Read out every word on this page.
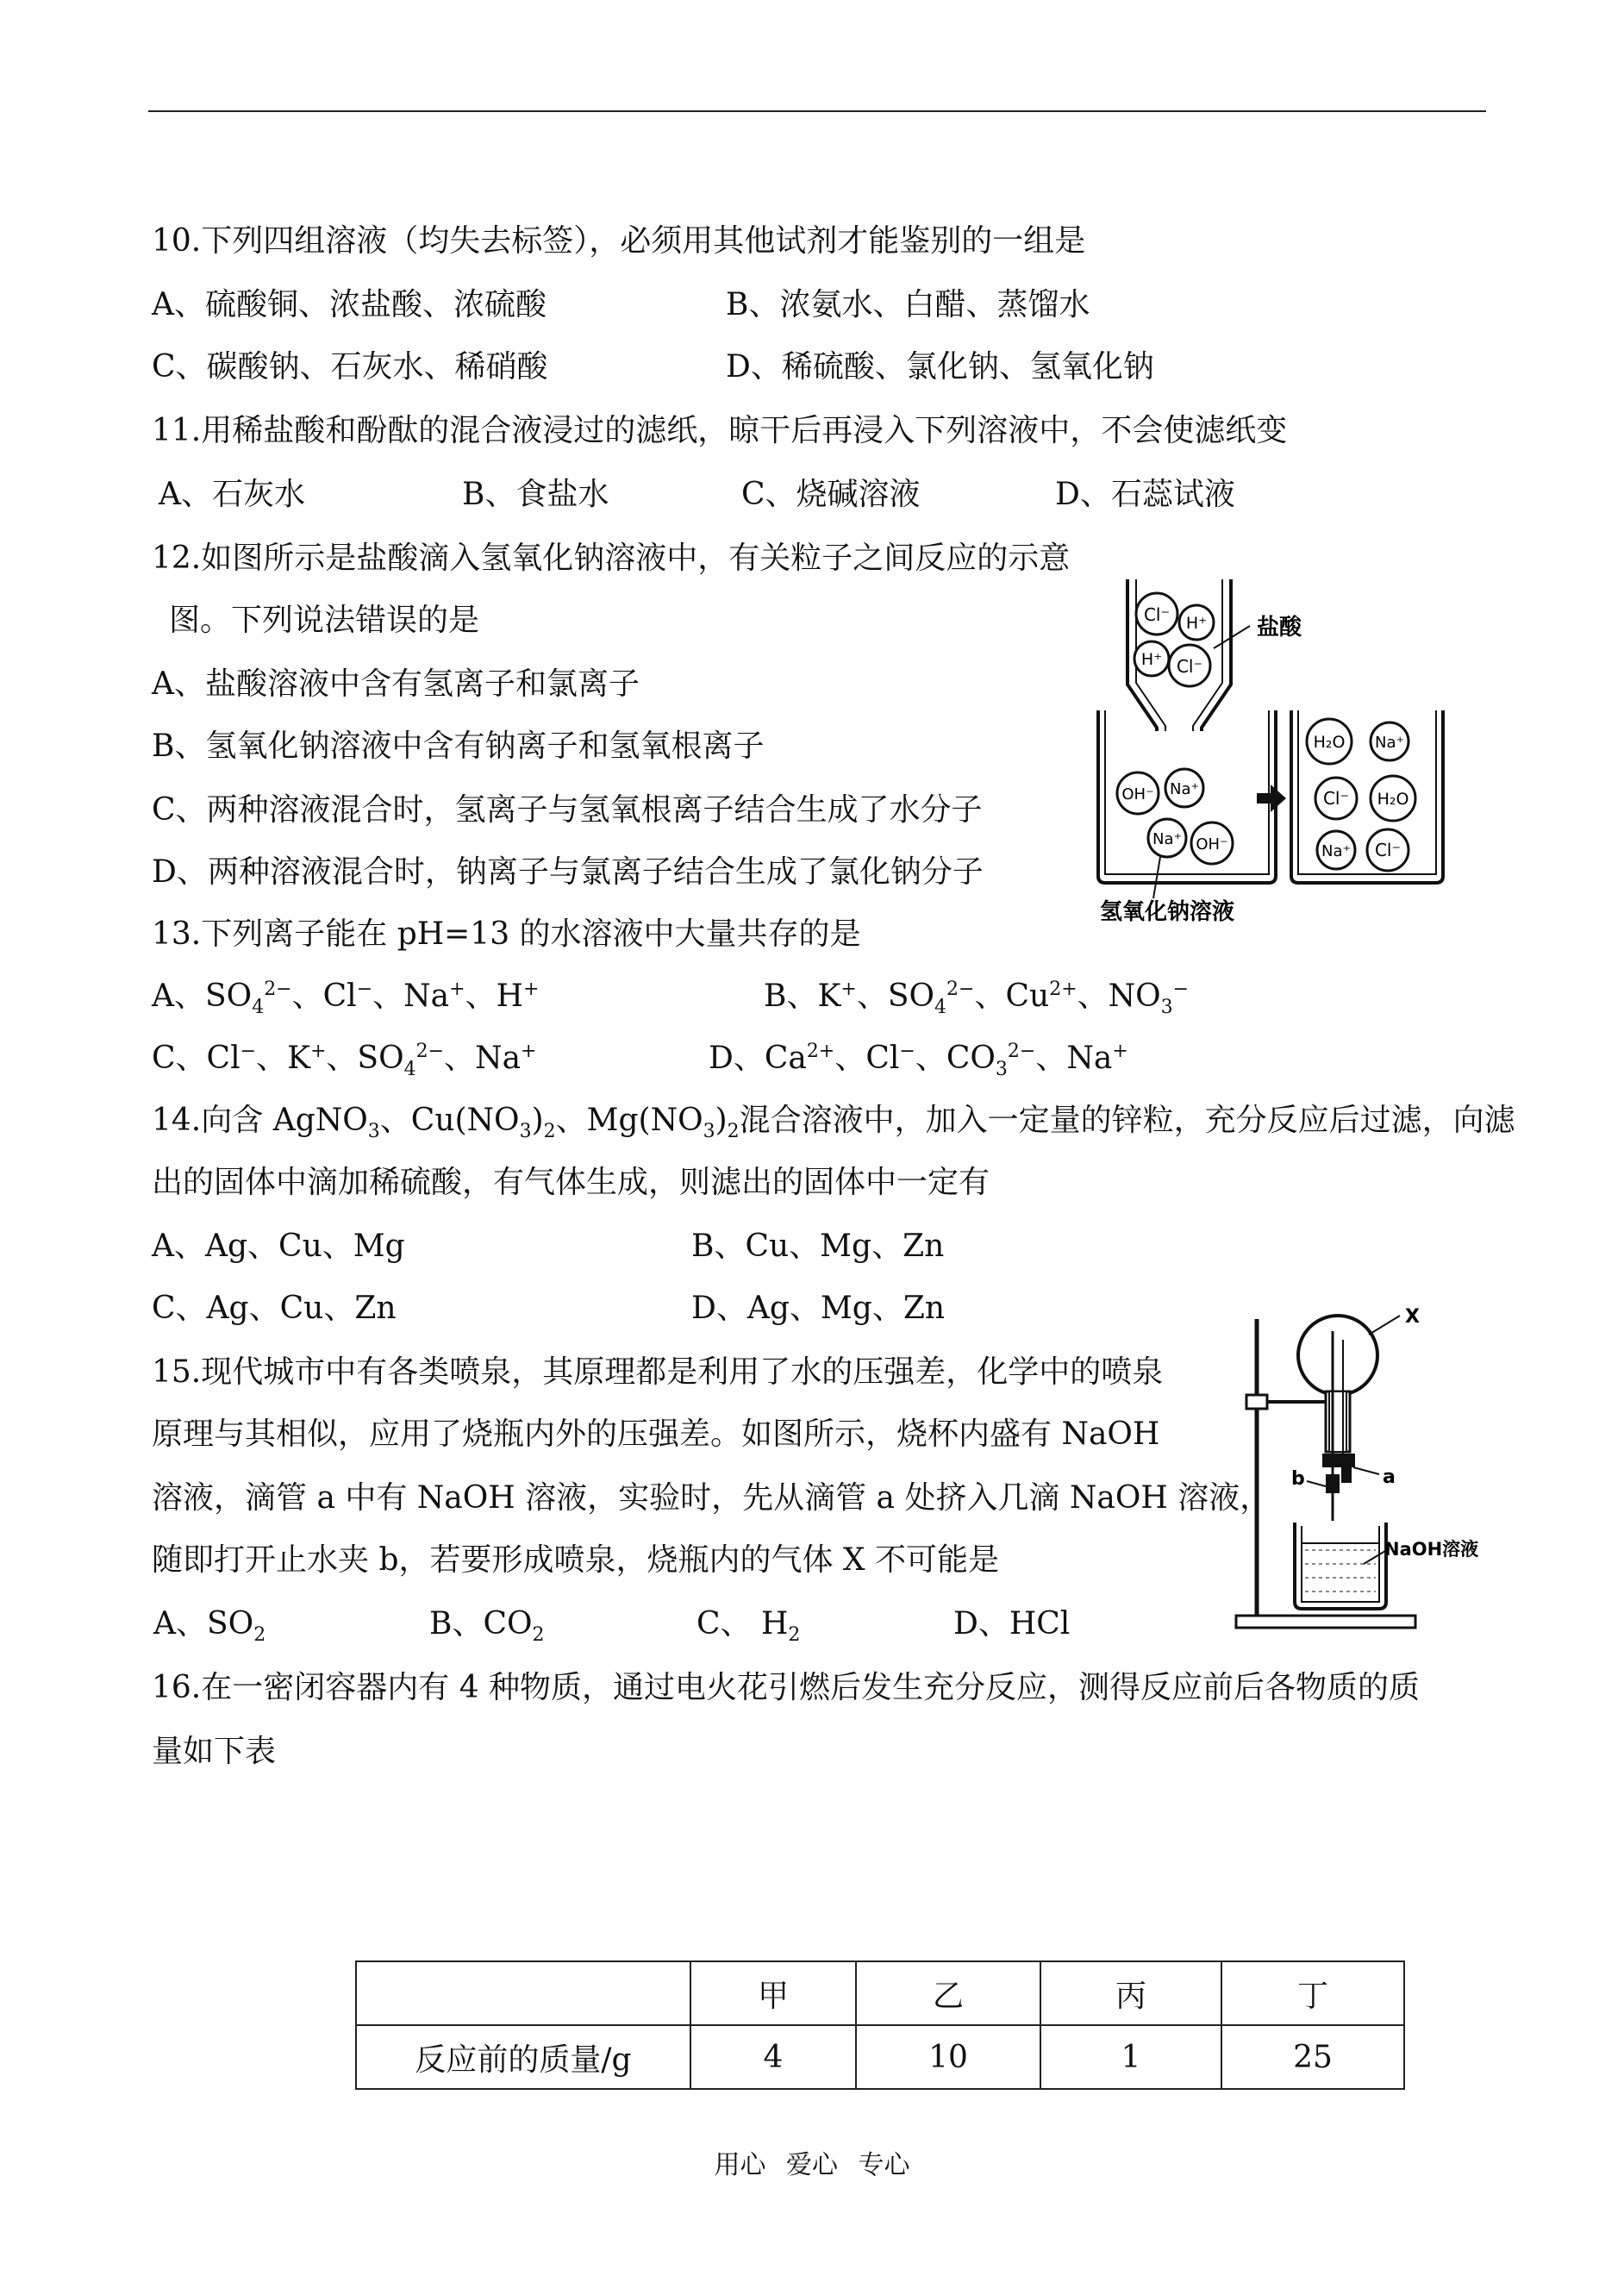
10.下列四组溶液（均失去标签），必须用其他试剂才能鉴别的一组是
A、硫酸铜、浓盐酸、浓硫酸	B、浓氨水、白醋、蒸馏水
C、碳酸钠、石灰水、稀硝酸	D、稀硫酸、氯化钠、氢氧化钠
11.用稀盐酸和酚酞的混合液浸过的滤纸，晾干后再浸入下列溶液中，不会使滤纸变
A、石灰水	B、食盐水	C、烧碱溶液	D、石蕊试液
12.如图所示是盐酸滴入氢氧化钠溶液中，有关粒子之间反应的示意
图。下列说法错误的是
A、盐酸溶液中含有氢离子和氯离子
B、氢氧化钠溶液中含有钠离子和氢氧根离子
C、两种溶液混合时，氢离子与氢氧根离子结合生成了水分子
D、两种溶液混合时，钠离子与氯离子结合生成了氯化钠分子
Cl⁻ H⁺
H⁺ Cl⁻
盐酸
OH⁻ Na⁺
Na⁺ OH⁻
氢氧化钠溶液
H₂O Na⁺
Cl⁻ H₂O
Na⁺ Cl⁻
13.下列离子能在 pH=13 的水溶液中大量共存的是
A、$SO_4^{2-}$、Cl−、Na+、H+	B、K+、$SO_4^{2-}$、$Cu^{2+}$、$NO_3^-$
C、Cl−、K+、$SO_4^{2-}$、Na+	D、$Ca^{2+}$、Cl−、$CO_3^{2-}$、Na+
14.向含 AgNO$_3$、$Cu(NO_3)_2$、$Mg(NO_3)_2$混合溶液中，加入一定量的锌粒，充分反应后过滤，向滤
出的固体中滴加稀硫酸，有气体生成，则滤出的固体中一定有
A、Ag、Cu、Mg	B、Cu、Mg、Zn
C、Ag、Cu、Zn	D、Ag、Mg、Zn
15.现代城市中有各类喷泉，其原理都是利用了水的压强差，化学中的喷泉
原理与其相似，应用了烧瓶内外的压强差。如图所示，烧杯内盛有 NaOH
溶液，滴管 a 中有 NaOH 溶液，实验时，先从滴管 a 处挤入几滴 NaOH 溶液，
随即打开止水夹 b，若要形成喷泉，烧瓶内的气体 X 不可能是
A、$SO_2$	B、$CO_2$	C、 $H_2$	D、HCl
X
a
b
NaOH溶液
16.在一密闭容器内有 4 种物质，通过电火花引燃后发生充分反应，测得反应前后各物质的质
量如下表
	甲	乙	丙	丁
反应前的质量/g	4	10	1	25
用心 爱心 专心
